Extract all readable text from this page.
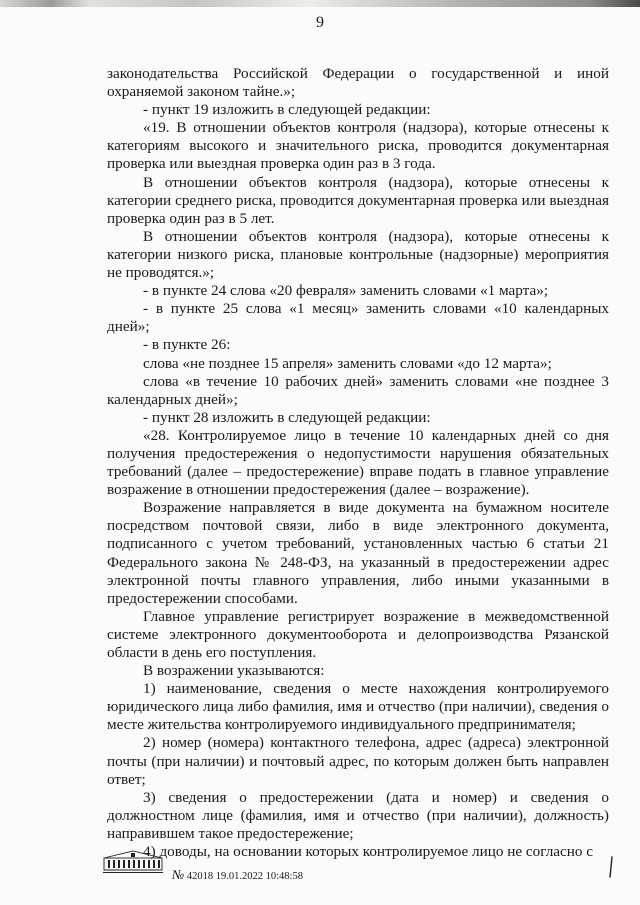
9

законодательства Российской Федерации о государственной и иной охраняемой законом тайне.»;

- пункт 19 изложить в следующей редакции:

«19. В отношении объектов контроля (надзора), которые отнесены к категориям высокого и значительного риска, проводится документарная проверка или выездная проверка один раз в 3 года.

В отношении объектов контроля (надзора), которые отнесены к категории среднего риска, проводится документарная проверка или выездная проверка один раз в 5 лет.

В отношении объектов контроля (надзора), которые отнесены к категории низкого риска, плановые контрольные (надзорные) мероприятия не проводятся.»;

- в пункте 24 слова «20 февраля» заменить словами «1 марта»;

- в пункте 25 слова «1 месяц» заменить словами «10 календарных дней»;

- в пункте 26:

слова «не позднее 15 апреля» заменить словами «до 12 марта»;

слова «в течение 10 рабочих дней» заменить словами «не позднее 3 календарных дней»;

- пункт 28 изложить в следующей редакции:

«28. Контролируемое лицо в течение 10 календарных дней со дня получения предостережения о недопустимости нарушения обязательных требований (далее – предостережение) вправе подать в главное управление возражение в отношении предостережения (далее – возражение).

Возражение направляется в виде документа на бумажном носителе посредством почтовой связи, либо в виде электронного документа, подписанного с учетом требований, установленных частью 6 статьи 21 Федерального закона № 248-ФЗ, на указанный в предостережении адрес электронной почты главного управления, либо иными указанными в предостережении способами.

Главное управление регистрирует возражение в межведомственной системе электронного документооборота и делопроизводства Рязанской области в день его поступления.

В возражении указываются:

1) наименование, сведения о месте нахождения контролируемого юридического лица либо фамилия, имя и отчество (при наличии), сведения о месте жительства контролируемого индивидуального предпринимателя;

2) номер (номера) контактного телефона, адрес (адреса) электронной почты (при наличии) и почтовый адрес, по которым должен быть направлен ответ;

3) сведения о предостережении (дата и номер) и сведения о должностном лице (фамилия, имя и отчество (при наличии), должность) направившем такое предостережение;

4) доводы, на основании которых контролируемое лицо не согласно с

№ 42018 19.01.2022 10:48:58
